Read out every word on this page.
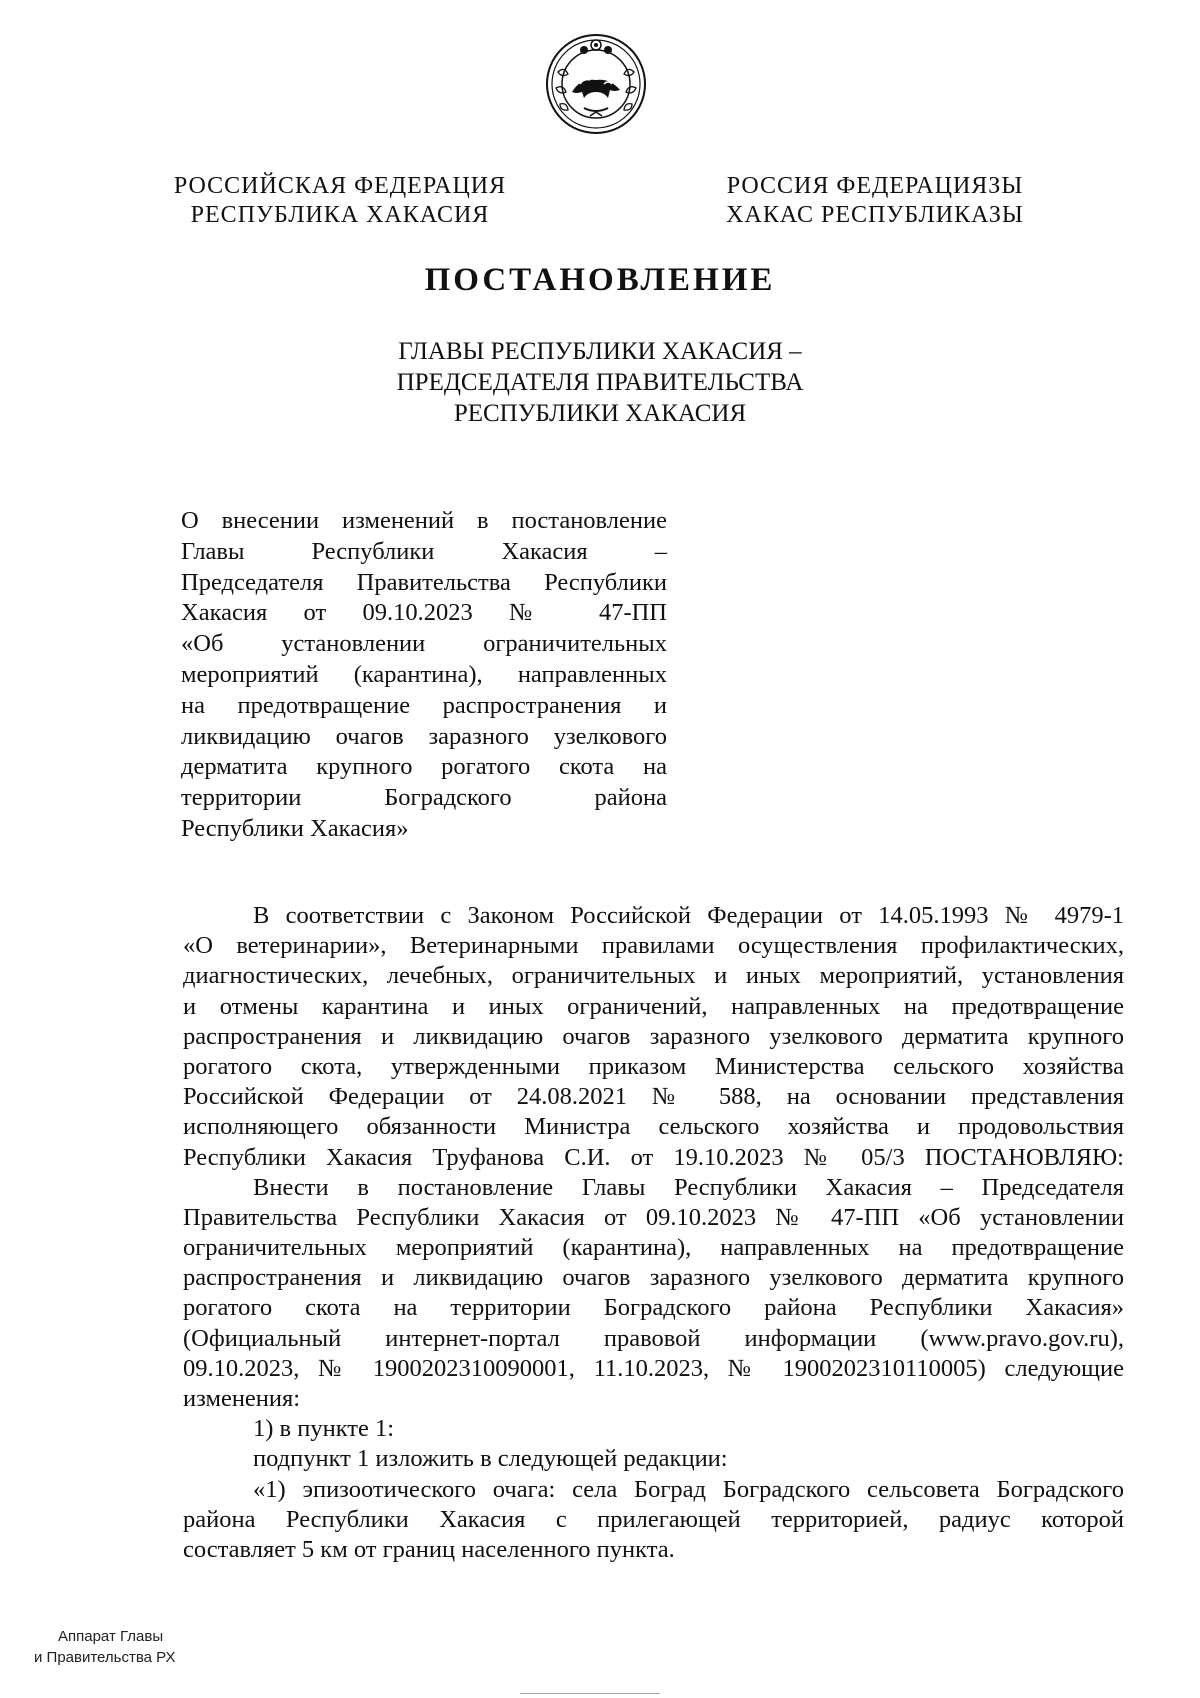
РОССИЙСКАЯ ФЕДЕРАЦИЯ
РЕСПУБЛИКА ХАКАСИЯ
РОССИЯ ФЕДЕРАЦИЯЗЫ
ХАКАС РЕСПУБЛИКАЗЫ
ПОСТАНОВЛЕНИЕ
ГЛАВЫ РЕСПУБЛИКИ ХАКАСИЯ –
ПРЕДСЕДАТЕЛЯ ПРАВИТЕЛЬСТВА
РЕСПУБЛИКИ ХАКАСИЯ
О внесении изменений в постановление
Главы Республики Хакасия –
Председателя Правительства Республики
Хакасия от 09.10.2023 № 47-ПП
«Об установлении ограничительных
мероприятий (карантина), направленных
на предотвращение распространения и
ликвидацию очагов заразного узелкового
дерматита крупного рогатого скота на
территории Боградского района
Республики Хакасия»
В соответствии с Законом Российской Федерации от 14.05.1993 № 4979-1
«О ветеринарии», Ветеринарными правилами осуществления профилактических,
диагностических, лечебных, ограничительных и иных мероприятий, установления
и отмены карантина и иных ограничений, направленных на предотвращение
распространения и ликвидацию очагов заразного узелкового дерматита крупного
рогатого скота, утвержденными приказом Министерства сельского хозяйства
Российской Федерации от 24.08.2021 № 588, на основании представления
исполняющего обязанности Министра сельского хозяйства и продовольствия
Республики Хакасия Труфанова С.И. от 19.10.2023 № 05/3 ПОСТАНОВЛЯЮ:
Внести в постановление Главы Республики Хакасия – Председателя
Правительства Республики Хакасия от 09.10.2023 № 47-ПП «Об установлении
ограничительных мероприятий (карантина), направленных на предотвращение
распространения и ликвидацию очагов заразного узелкового дерматита крупного
рогатого скота на территории Боградского района Республики Хакасия»
(Официальный интернет-портал правовой информации (www.pravo.gov.ru),
09.10.2023, № 1900202310090001, 11.10.2023, № 1900202310110005) следующие
изменения:
1) в пункте 1:
подпункт 1 изложить в следующей редакции:
«1) эпизоотического очага: села Боград Боградского сельсовета Боградского
района Республики Хакасия с прилегающей территорией, радиус которой
составляет 5 км от границ населенного пункта.
Аппарат Главы
и Правительства РХ
